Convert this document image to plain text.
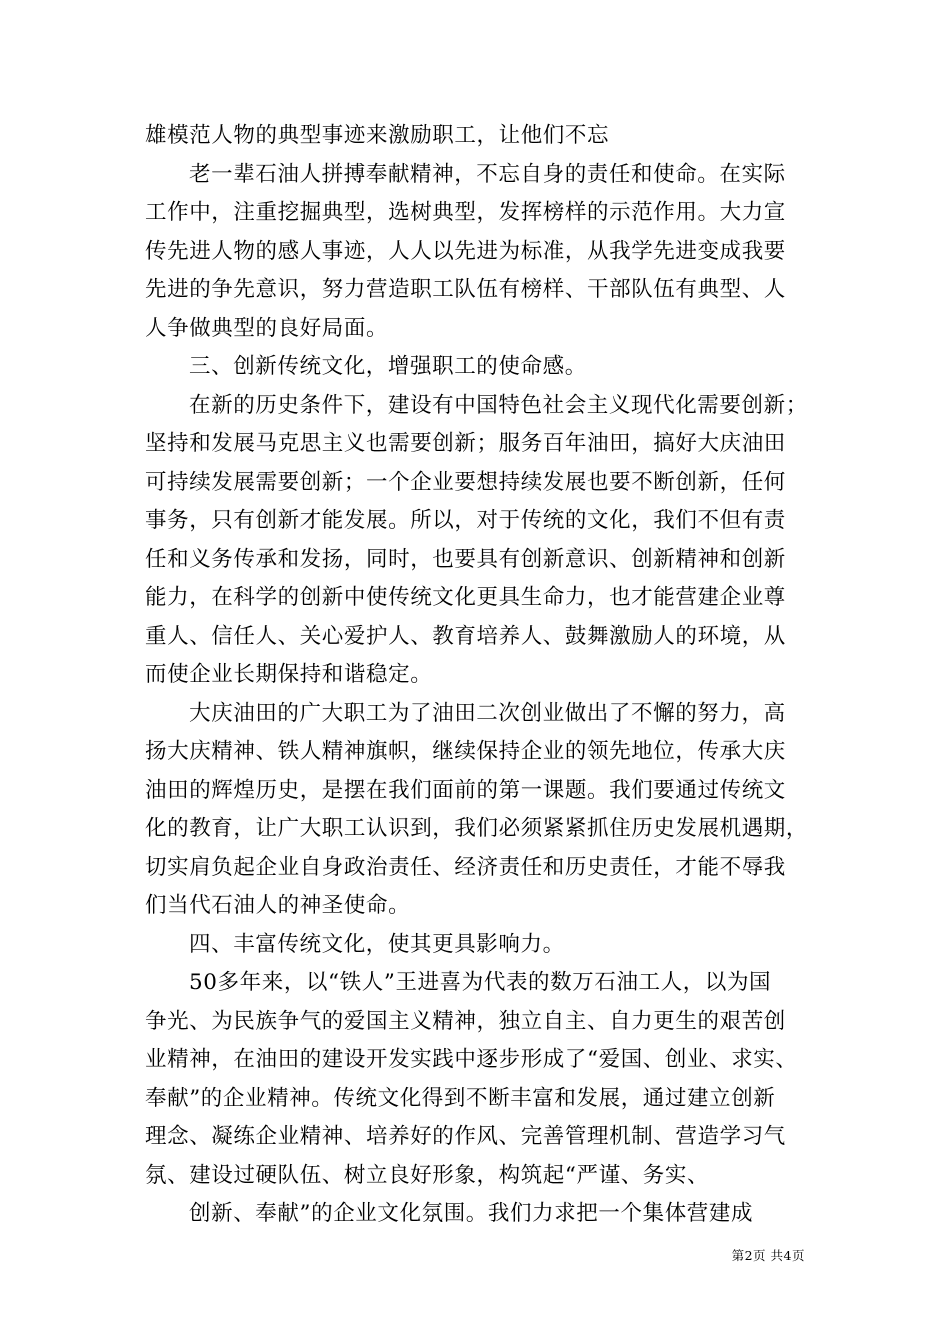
雄模范人物的典型事迹来激励职工，让他们不忘
老一辈石油人拼搏奉献精神，不忘自身的责任和使命。在实际
工作中，注重挖掘典型，选树典型，发挥榜样的示范作用。大力宣
传先进人物的感人事迹，人人以先进为标准，从我学先进变成我要
先进的争先意识，努力营造职工队伍有榜样、干部队伍有典型、人
人争做典型的良好局面。
三、创新传统文化，增强职工的使命感。
在新的历史条件下，建设有中国特色社会主义现代化需要创新；
坚持和发展马克思主义也需要创新；服务百年油田，搞好大庆油田
可持续发展需要创新；一个企业要想持续发展也要不断创新，任何
事务，只有创新才能发展。所以，对于传统的文化，我们不但有责
任和义务传承和发扬，同时，也要具有创新意识、创新精神和创新
能力，在科学的创新中使传统文化更具生命力，也才能营建企业尊
重人、信任人、关心爱护人、教育培养人、鼓舞激励人的环境，从
而使企业长期保持和谐稳定。
大庆油田的广大职工为了油田二次创业做出了不懈的努力，高
扬大庆精神、铁人精神旗帜，继续保持企业的领先地位，传承大庆
油田的辉煌历史，是摆在我们面前的第一课题。我们要通过传统文
化的教育，让广大职工认识到，我们必须紧紧抓住历史发展机遇期，
切实肩负起企业自身政治责任、经济责任和历史责任，才能不辱我
们当代石油人的神圣使命。
四、丰富传统文化，使其更具影响力。
50多年来，以“铁人”王进喜为代表的数万石油工人，以为国
争光、为民族争气的爱国主义精神，独立自主、自力更生的艰苦创
业精神，在油田的建设开发实践中逐步形成了“爱国、创业、求实、
奉献”的企业精神。传统文化得到不断丰富和发展，通过建立创新
理念、凝练企业精神、培养好的作风、完善管理机制、营造学习气
氛、建设过硬队伍、树立良好形象，构筑起“严谨、务实、
创新、奉献”的企业文化氛围。我们力求把一个集体营建成
第2页 共4页
